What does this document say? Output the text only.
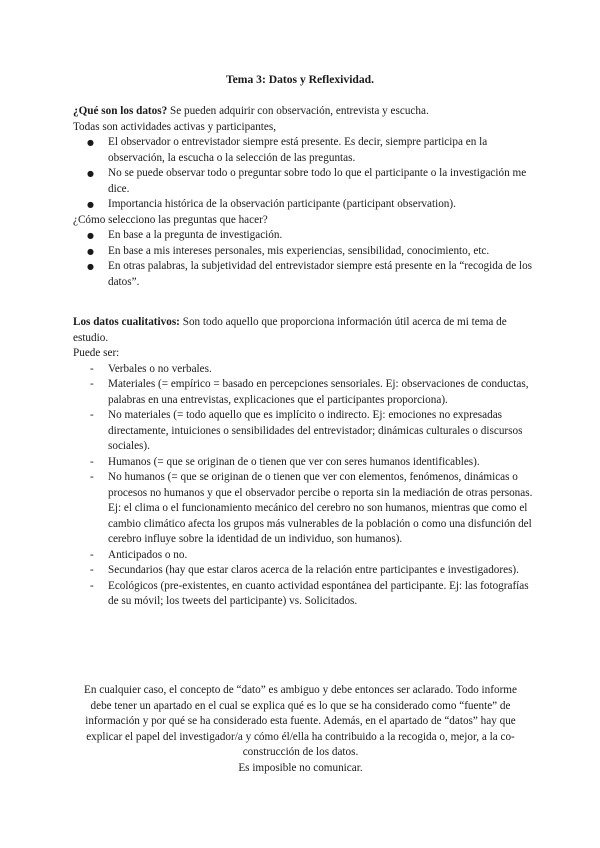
Tema 3: Datos y Reflexividad.

¿Qué son los datos? Se pueden adquirir con observación, entrevista y escucha.

Todas son actividades activas y participantes,

● El observador o entrevistador siempre está presente. Es decir, siempre participa en la observación, la escucha o la selección de las preguntas.
● No se puede observar todo o preguntar sobre todo lo que el participante o la investigación me dice.
● Importancia histórica de la observación participante (participant observation).

¿Cómo selecciono las preguntas que hacer?

● En base a la pregunta de investigación.
● En base a mis intereses personales, mis experiencias, sensibilidad, conocimiento, etc.
● En otras palabras, la subjetividad del entrevistador siempre está presente en la “recogida de los datos”.

Los datos cualitativos: Son todo aquello que proporciona información útil acerca de mi tema de estudio.

Puede ser:

- Verbales o no verbales.
- Materiales (= empírico = basado en percepciones sensoriales. Ej: observaciones de conductas, palabras en una entrevistas, explicaciones que el participantes proporciona).
- No materiales (= todo aquello que es implícito o indirecto. Ej: emociones no expresadas directamente, intuiciones o sensibilidades del entrevistador; dinámicas culturales o discursos sociales).
- Humanos (= que se originan de o tienen que ver con seres humanos identificables).
- No humanos (= que se originan de o tienen que ver con elementos, fenómenos, dinámicas o procesos no humanos y que el observador percibe o reporta sin la mediación de otras personas. Ej: el clima o el funcionamiento mecánico del cerebro no son humanos, mientras que como el cambio climático afecta los grupos más vulnerables de la población o como una disfunción del cerebro influye sobre la identidad de un individuo, son humanos).
- Anticipados o no.
- Secundarios (hay que estar claros acerca de la relación entre participantes e investigadores).
- Ecológicos (pre-existentes, en cuanto actividad espontánea del participante. Ej: las fotografías de su móvil; los tweets del participante) vs. Solicitados.

En cualquier caso, el concepto de “dato” es ambiguo y debe entonces ser aclarado. Todo informe debe tener un apartado en el cual se explica qué es lo que se ha considerado como “fuente” de información y por qué se ha considerado esta fuente. Además, en el apartado de “datos” hay que explicar el papel del investigador/a y cómo él/ella ha contribuido a la recogida o, mejor, a la co-construcción de los datos.

Es imposible no comunicar.
